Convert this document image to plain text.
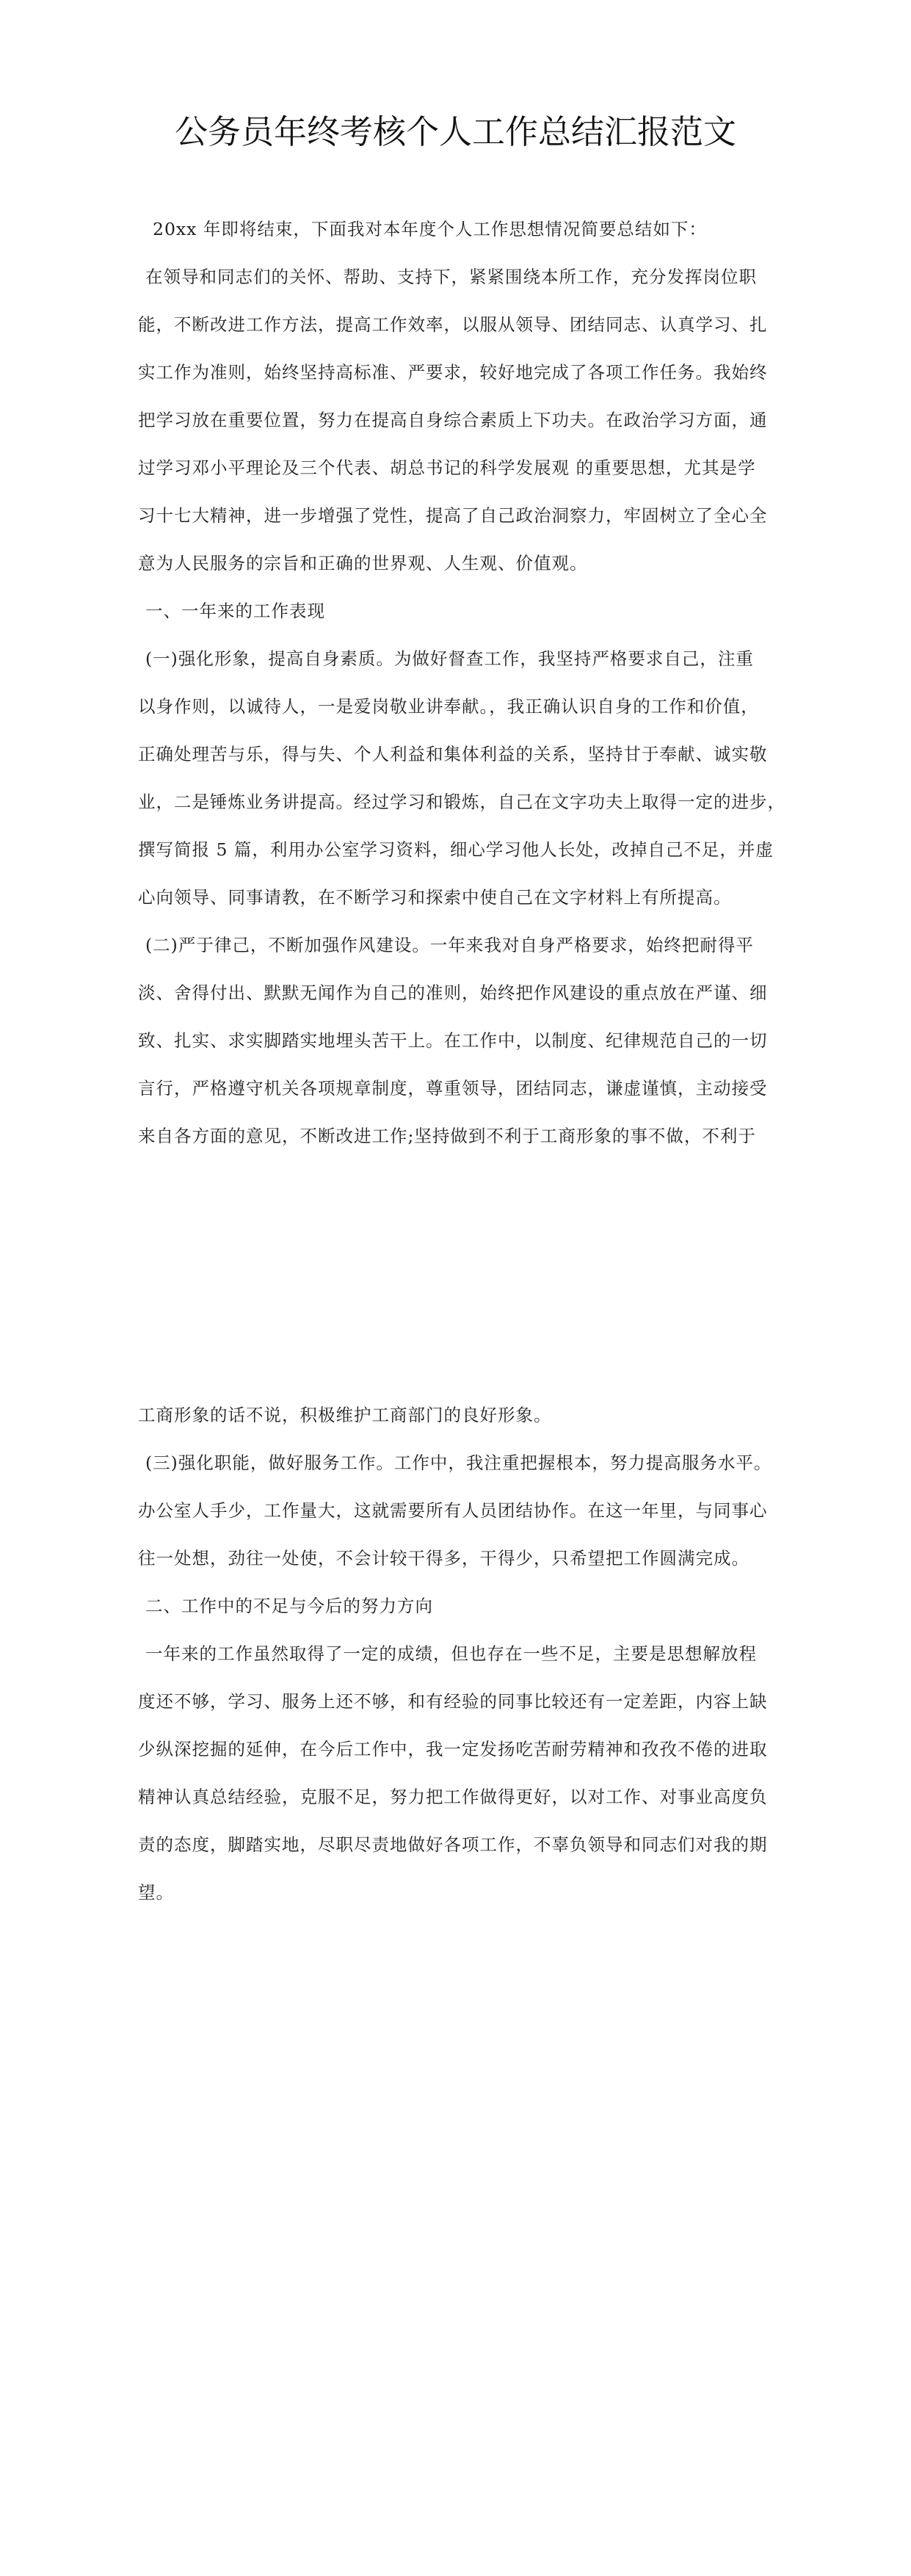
公务员年终考核个人工作总结汇报范文

20xx 年即将结束，下面我对本年度个人工作思想情况简要总结如下：

在领导和同志们的关怀、帮助、支持下，紧紧围绕本所工作，充分发挥岗位职
能，不断改进工作方法，提高工作效率，以服从领导、团结同志、认真学习、扎
实工作为准则，始终坚持高标准、严要求，较好地完成了各项工作任务。我始终
把学习放在重要位置，努力在提高自身综合素质上下功夫。在政治学习方面，通
过学习邓小平理论及三个代表、胡总书记的科学发展观 的重要思想，尤其是学
习十七大精神，进一步增强了党性，提高了自己政治洞察力，牢固树立了全心全
意为人民服务的宗旨和正确的世界观、人生观、价值观。

一、一年来的工作表现

(一)强化形象，提高自身素质。为做好督查工作，我坚持严格要求自己，注重
以身作则，以诚待人，一是爱岗敬业讲奉献。，我正确认识自身的工作和价值，
正确处理苦与乐，得与失、个人利益和集体利益的关系，坚持甘于奉献、诚实敬
业，二是锤炼业务讲提高。经过学习和锻炼，自己在文字功夫上取得一定的进步，
撰写简报 5 篇，利用办公室学习资料，细心学习他人长处，改掉自己不足，并虚
心向领导、同事请教，在不断学习和探索中使自己在文字材料上有所提高。

(二)严于律己，不断加强作风建设。一年来我对自身严格要求，始终把耐得平
淡、舍得付出、默默无闻作为自己的准则，始终把作风建设的重点放在严谨、细
致、扎实、求实脚踏实地埋头苦干上。在工作中，以制度、纪律规范自己的一切
言行，严格遵守机关各项规章制度，尊重领导，团结同志，谦虚谨慎，主动接受
来自各方面的意见，不断改进工作;坚持做到不利于工商形象的事不做，不利于

工商形象的话不说，积极维护工商部门的良好形象。

(三)强化职能，做好服务工作。工作中，我注重把握根本，努力提高服务水平。
办公室人手少，工作量大，这就需要所有人员团结协作。在这一年里，与同事心
往一处想，劲往一处使，不会计较干得多，干得少，只希望把工作圆满完成。

二、工作中的不足与今后的努力方向

一年来的工作虽然取得了一定的成绩，但也存在一些不足，主要是思想解放程
度还不够，学习、服务上还不够，和有经验的同事比较还有一定差距，内容上缺
少纵深挖掘的延伸，在今后工作中，我一定发扬吃苦耐劳精神和孜孜不倦的进取
精神认真总结经验，克服不足，努力把工作做得更好，以对工作、对事业高度负
责的态度，脚踏实地，尽职尽责地做好各项工作，不辜负领导和同志们对我的期
望。
